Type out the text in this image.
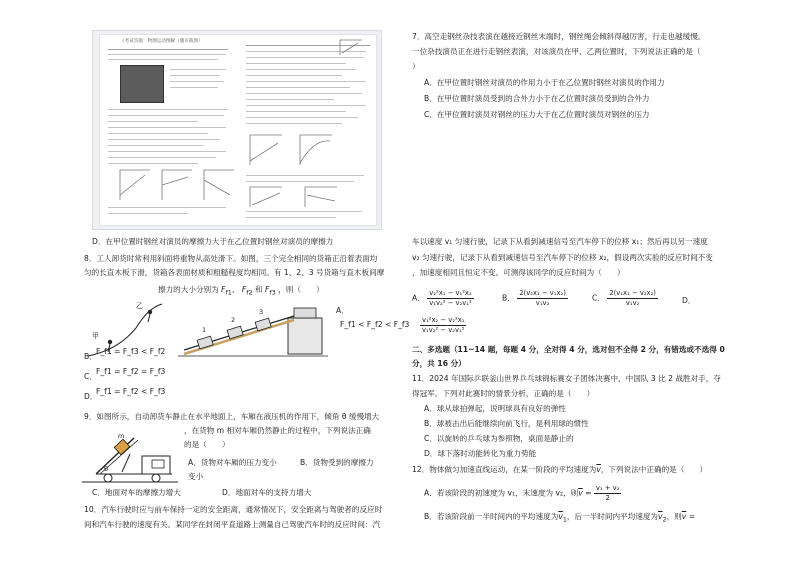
《考试答题：物理运动图解（题页截图）
D．在甲位置时钢丝对演员的摩擦力大于在乙位置时钢丝对演员的摩擦力
8．工人卸货时常利用斜面将重物从高处滑下。如图，三个完全相同的货箱正沿着表面均
匀的长直木板下滑，货箱各表面材质和粗糙程度均相同。有 1、2、3 号货箱与直木板间摩
擦力的大小分别为 $F_{f1}$、 $F_{f2}$ 和 $F_{f3}$ ，则（　　）
甲
乙
1
2
3	A．
F_f1 < F_f2 < F_f3
B．
F_f1 = F_f3 < F_f2
C．
F_f1 = F_f2 = F_f3
D．
F_f1 = F_f2 < F_f3
9．如图所示，自动卸货车静止在水平地面上，车厢在液压机的作用下，倾角 θ 缓慢增大
，在货物 m 相对车厢仍然静止的过程中，下列说法正确
的是（　　）
m
θ
A．货物对车厢的压力变小	B．货物受到的摩擦力
变小
C．地面对车的摩擦力增大	D．地面对车的支持力增大
10．汽车行驶时应与前车保持一定的安全距离，通常情况下，安全距离与驾驶者的反应时
间和汽车行驶的速度有关。某同学在封闭平直道路上测量自己驾驶汽车时的反应时间：汽
7．高空走钢丝杂技表演在越接近钢丝末端时，钢丝绳会倾斜得越厉害，行走也越缓慢。
一位杂技演员正在进行走钢丝表演，对该演员在甲、乙两位置时，下列说法正确的是（
）
A．在甲位置时钢丝对演员的作用力小于在乙位置时钢丝对演员的作用力
B．在甲位置时演员受到的合外力小于在乙位置时演员受到的合外力
C．在甲位置时演员对钢丝的压力大于在乙位置时演员对钢丝的压力
车以速度 v₁ 匀速行驶，记录下从看到减速信号至汽车停下的位移 x₁；然后再以另一速度
v₂ 匀速行驶，记录下从看到减速信号至汽车停下的位移 x₂，假设两次实验的反应时间不变
，加速度相同且恒定不变。可测得该同学的反应时间为（　　）
A． $\frac{\text{v₂²x₁ − v₁²x₂}}{\text{v₁v₂² − v₂v₁²}}$	B． $\frac{\text{2(v₂x₁ − v₁x₂)}}{\text{v₁v₂}}$	C． $\frac{\text{2(v₁x₁ − v₂x₂)}}{\text{v₁v₂}}$	D．
$\frac{\text{v₁²x₂ − v₂²x₁}}{\text{v₁v₂² − v₂v₁²}}$
二、多选题（11~14 题，每题 4 分，全对得 4 分，选对但不全得 2 分，有错选或不选得 0
分，共 16 分）
11．2024 年国际乒联釜山世界乒乓球锦标赛女子团体决赛中，中国队 3 比 2 战胜对手，夺
得冠军。下列对此赛时的情景分析，正确的是（　　）
A．球从球拍弹起，说明球具有良好的弹性
B．球被击出后能继续向前飞行，是利用球的惯性
C．以旋转的乒乓球为参照物，桌面是静止的
D．球下落时动能转化为重力势能
12．物体做匀加速直线运动，在某一阶段的平均速度为$\overline{v}$，下列说法中正确的是（　　）
A．若该阶段的初速度为 v₁，末速度为 v₂，则$\overline{v} = \frac{\text{v₁ + v₂}}{2}$
B．若该阶段前一半时间内的平均速度为$\overline{v}_1$，后一半时间内平均速度为$\overline{v}_2$，则$\overline{v}$ =
